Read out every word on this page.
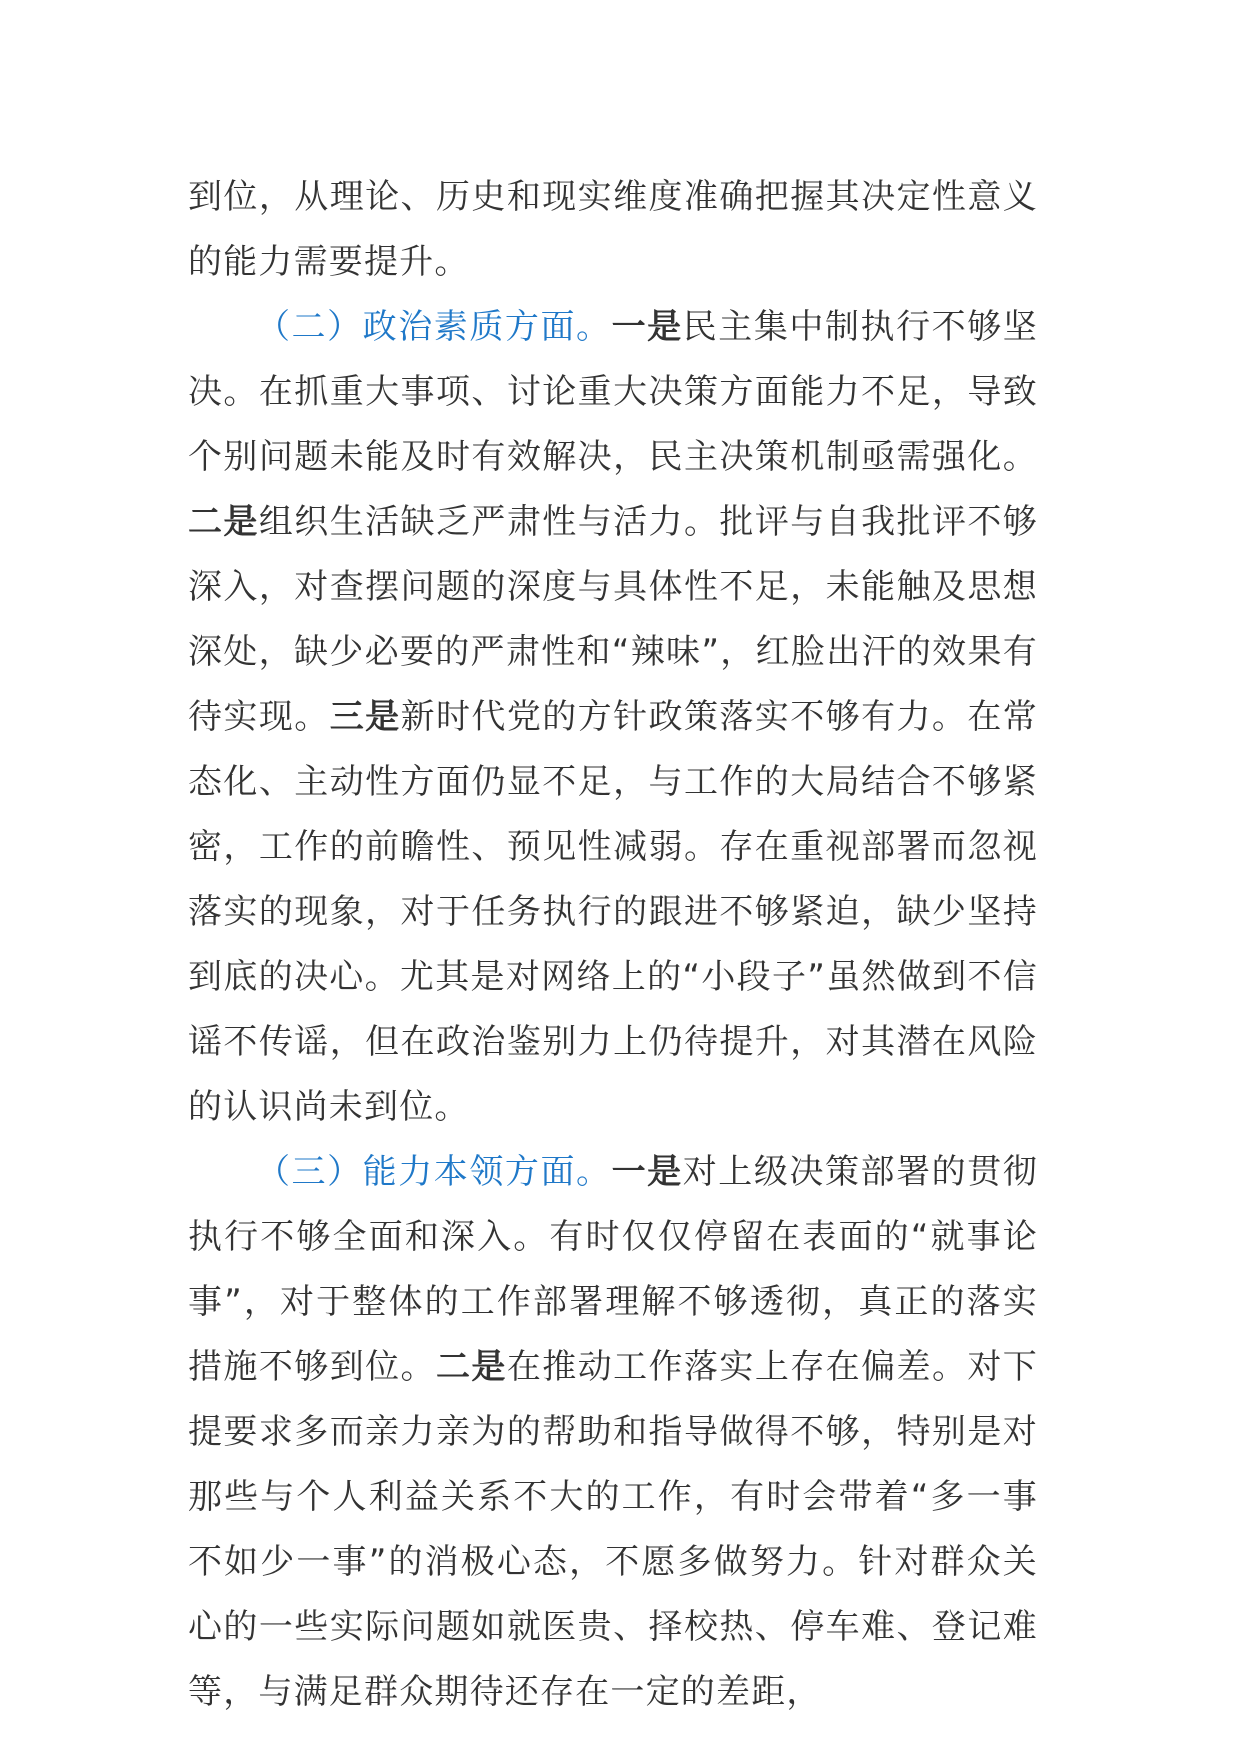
到位，从理论、历史和现实维度准确把握其决定性意义的能力需要提升。

（二）政治素质方面。一是民主集中制执行不够坚决。在抓重大事项、讨论重大决策方面能力不足，导致个别问题未能及时有效解决，民主决策机制亟需强化。二是组织生活缺乏严肃性与活力。批评与自我批评不够深入，对查摆问题的深度与具体性不足，未能触及思想深处，缺少必要的严肃性和“辣味”，红脸出汗的效果有待实现。三是新时代党的方针政策落实不够有力。在常态化、主动性方面仍显不足，与工作的大局结合不够紧密，工作的前瞻性、预见性减弱。存在重视部署而忽视落实的现象，对于任务执行的跟进不够紧迫，缺少坚持到底的决心。尤其是对网络上的“小段子”虽然做到不信谣不传谣，但在政治鉴别力上仍待提升，对其潜在风险的认识尚未到位。

（三）能力本领方面。一是对上级决策部署的贯彻执行不够全面和深入。有时仅仅停留在表面的“就事论事”，对于整体的工作部署理解不够透彻，真正的落实措施不够到位。二是在推动工作落实上存在偏差。对下提要求多而亲力亲为的帮助和指导做得不够，特别是对那些与个人利益关系不大的工作，有时会带着“多一事不如少一事”的消极心态，不愿多做努力。针对群众关心的一些实际问题如就医贵、择校热、停车难、登记难等，与满足群众期待还存在一定的差距，
